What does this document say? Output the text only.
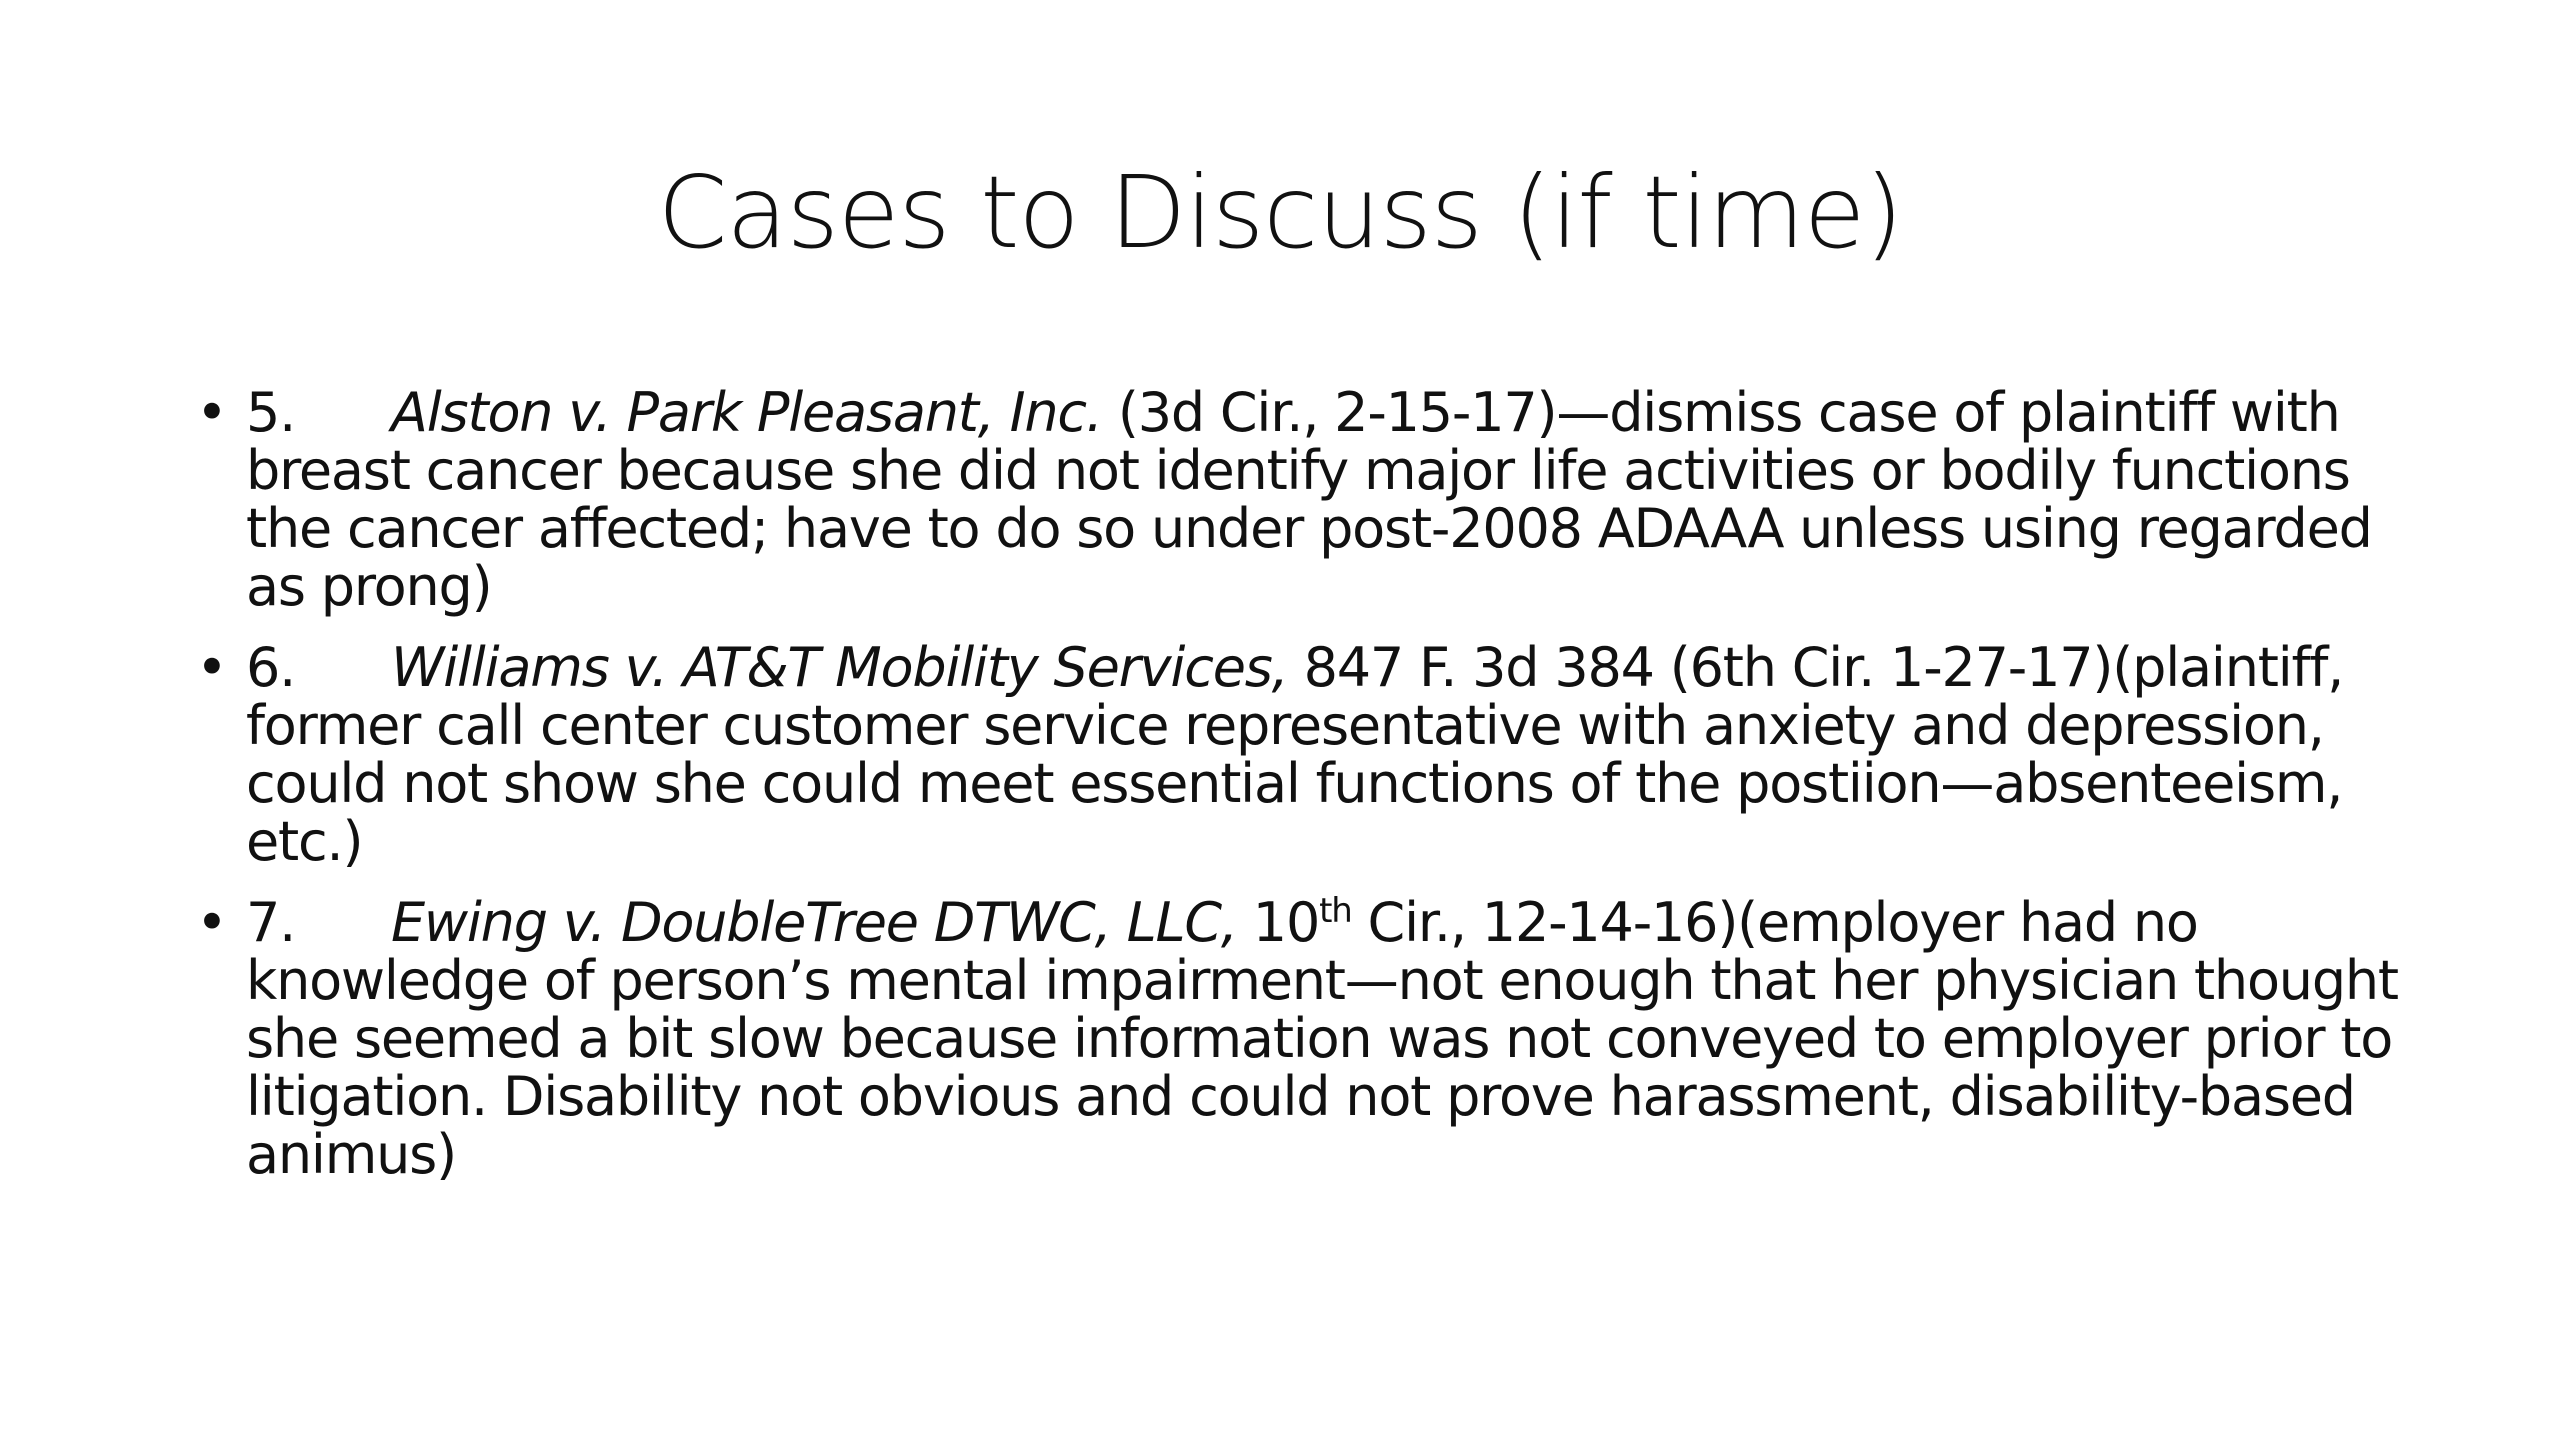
Cases to Discuss (if time)
• 5. Alston v. Park Pleasant, Inc. (3d Cir., 2-15-17)—dismiss case of plaintiff with breast cancer because she did not identify major life activities or bodily functions the cancer affected; have to do so under post-2008 ADAAA unless using regarded as prong)
• 6. Williams v. AT&T Mobility Services, 847 F. 3d 384 (6th Cir. 1-27-17)(plaintiff, former call center customer service representative with anxiety and depression, could not show she could meet essential functions of the postiion—absenteeism, etc.)
• 7. Ewing v. DoubleTree DTWC, LLC, 10th Cir., 12-14-16)(employer had no knowledge of person’s mental impairment—not enough that her physician thought she seemed a bit slow because information was not conveyed to employer prior to litigation. Disability not obvious and could not prove harassment, disability-based animus)
